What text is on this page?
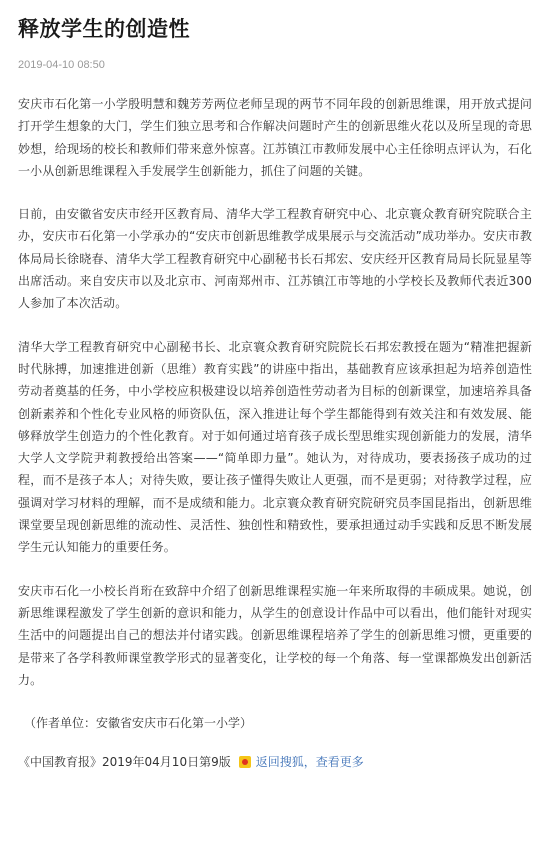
释放学生的创造性
2019-04-10 08:50

安庆市石化第一小学殷明慧和魏芳芳两位老师呈现的两节不同年段的创新思维课，用开放式提问打开学生想象的大门，学生们独立思考和合作解决问题时产生的创新思维火花以及所呈现的奇思妙想，给现场的校长和教师们带来意外惊喜。江苏镇江市教师发展中心主任徐明点评认为，石化一小从创新思维课程入手发展学生创新能力，抓住了问题的关键。

日前，由安徽省安庆市经开区教育局、清华大学工程教育研究中心、北京寰众教育研究院联合主办，安庆市石化第一小学承办的“安庆市创新思维教学成果展示与交流活动”成功举办。安庆市教体局局长徐晓春、清华大学工程教育研究中心副秘书长石邦宏、安庆经开区教育局局长阮显星等出席活动。来自安庆市以及北京市、河南郑州市、江苏镇江市等地的小学校长及教师代表近300人参加了本次活动。

清华大学工程教育研究中心副秘书长、北京寰众教育研究院院长石邦宏教授在题为“精准把握新时代脉搏，加速推进创新（思维）教育实践”的讲座中指出，基础教育应该承担起为培养创造性劳动者奠基的任务，中小学校应积极建设以培养创造性劳动者为目标的创新课堂，加速培养具备创新素养和个性化专业风格的师资队伍，深入推进让每个学生都能得到有效关注和有效发展、能够释放学生创造力的个性化教育。对于如何通过培育孩子成长型思维实现创新能力的发展，清华大学人文学院尹莉教授给出答案——“简单即力量”。她认为，对待成功，要表扬孩子成功的过程，而不是孩子本人；对待失败，要让孩子懂得失败让人更强，而不是更弱；对待教学过程，应强调对学习材料的理解，而不是成绩和能力。北京寰众教育研究院研究员李国昆指出，创新思维课堂要呈现创新思维的流动性、灵活性、独创性和精致性，要承担通过动手实践和反思不断发展学生元认知能力的重要任务。

安庆市石化一小校长肖珩在致辞中介绍了创新思维课程实施一年来所取得的丰硕成果。她说，创新思维课程激发了学生创新的意识和能力，从学生的创意设计作品中可以看出，他们能针对现实生活中的问题提出自己的想法并付诸实践。创新思维课程培养了学生的创新思维习惯，更重要的是带来了各学科教师课堂教学形式的显著变化，让学校的每一个角落、每一堂课都焕发出创新活力。

（作者单位：安徽省安庆市石化第一小学）
《中国教育报》2019年04月10日第9版 返回搜狐，查看更多
